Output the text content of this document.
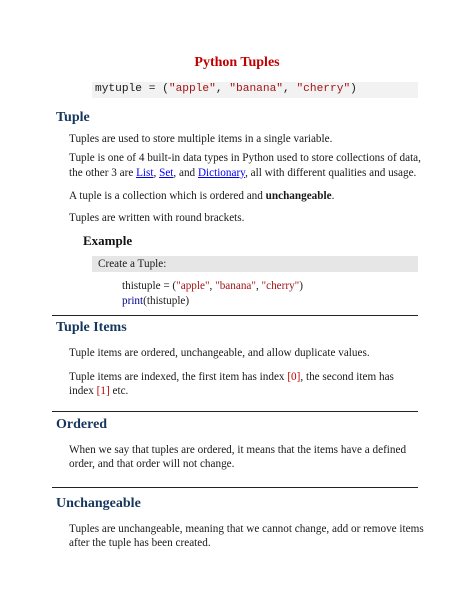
Python Tuples
mytuple = ("apple", "banana", "cherry")
Tuple
Tuples are used to store multiple items in a single variable.
Tuple is one of 4 built-in data types in Python used to store collections of data,
the other 3 are List, Set, and Dictionary, all with different qualities and usage.
A tuple is a collection which is ordered and unchangeable.
Tuples are written with round brackets.
Example
Create a Tuple:
thistuple = ("apple", "banana", "cherry")
print(thistuple)
Tuple Items
Tuple items are ordered, unchangeable, and allow duplicate values.
Tuple items are indexed, the first item has index [0], the second item has
index [1] etc.
Ordered
When we say that tuples are ordered, it means that the items have a defined
order, and that order will not change.
Unchangeable
Tuples are unchangeable, meaning that we cannot change, add or remove items
after the tuple has been created.
